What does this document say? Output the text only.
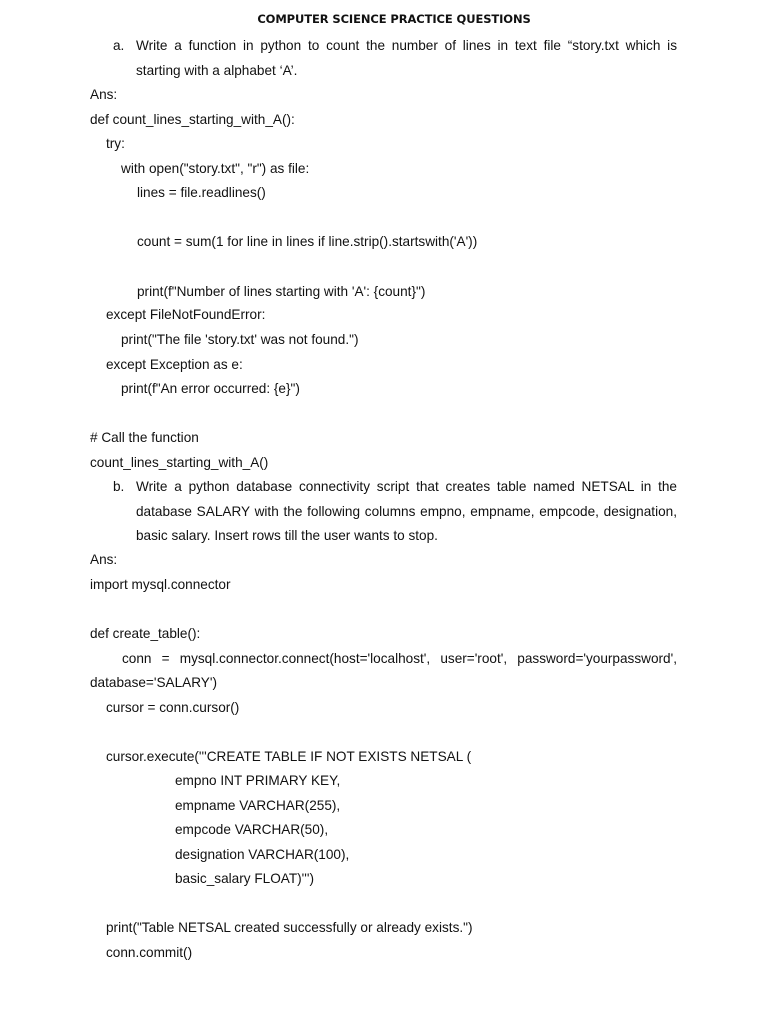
COMPUTER SCIENCE PRACTICE QUESTIONS
a. Write a function in python to count the number of lines in text file “story.txt which is starting with a alphabet ‘A’.
Ans:
def count_lines_starting_with_A():
try:
with open("story.txt", "r") as file:
lines = file.readlines()
count = sum(1 for line in lines if line.strip().startswith('A'))
print(f"Number of lines starting with 'A': {count}")
except FileNotFoundError:
print("The file 'story.txt' was not found.")
except Exception as e:
print(f"An error occurred: {e}")
# Call the function
count_lines_starting_with_A()
b. Write a python database connectivity script that creates table named NETSAL in the database SALARY with the following columns empno, empname, empcode, designation, basic salary. Insert rows till the user wants to stop.
Ans:
import mysql.connector
def create_table():
conn = mysql.connector.connect(host='localhost', user='root', password='yourpassword',
database='SALARY')
cursor = conn.cursor()
cursor.execute('''CREATE TABLE IF NOT EXISTS NETSAL (
empno INT PRIMARY KEY,
empname VARCHAR(255),
empcode VARCHAR(50),
designation VARCHAR(100),
basic_salary FLOAT)''')
print("Table NETSAL created successfully or already exists.")
conn.commit()
